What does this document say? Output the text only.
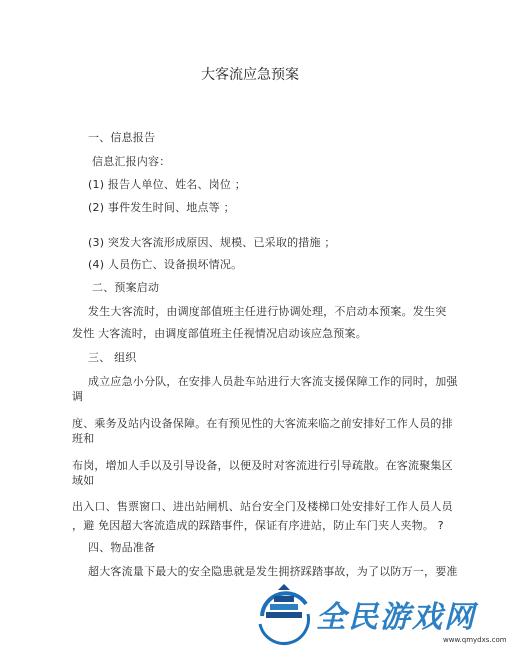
大客流应急预案
一、信息报告
信息汇报内容：
(1) 报告人单位、姓名、岗位 ；
(2) 事件发生时间、地点等 ；
(3) 突发大客流形成原因、规模、已采取的措施 ；
(4) 人员伤亡、设备损坏情况。
二、预案启动
发生大客流时，由调度部值班主任进行协调处理，不启动本预案。发生突
发性 大客流时，由调度部值班主任视情况启动该应急预案。
三、 组织
成立应急小分队，在安排人员赴车站进行大客流支援保障工作的同时，加强
调
度、乘务及站内设备保障。在有预见性的大客流来临之前安排好工作人员的排
班和
布岗，增加人手以及引导设备，以便及时对客流进行引导疏散。在客流聚集区
域如
出入口、售票窗口、进出站闸机、站台安全门及楼梯口处安排好工作人员人员
，避 免因超大客流造成的踩踏事件，保证有序进站，防止车门夹人夹物。 ?
四、物品准备
超大客流量下最大的安全隐患就是发生拥挤踩踏事故，为了以防万一，要准
全民游戏网
www.qmydxs.com
